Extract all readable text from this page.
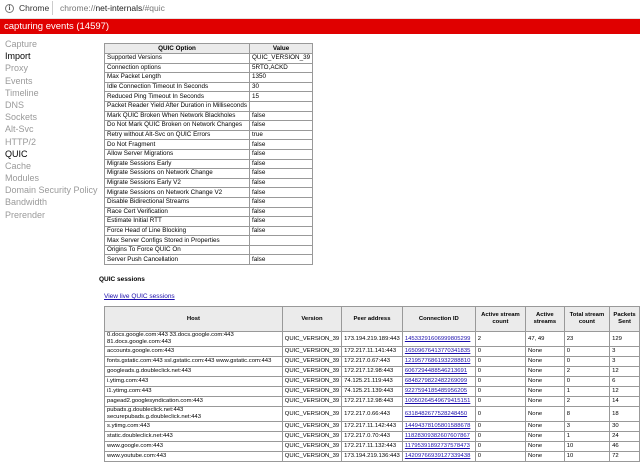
i	Chrome chrome://net-internals/#quic
capturing events (14597)
Capture
Import
Proxy
Events
Timeline
DNS
Sockets
Alt-Svc
HTTP/2
QUIC
Cache
Modules
Domain Security Policy
Bandwidth
Prerender
QUIC Option	Value
Supported Versions	QUIC_VERSION_39
Connection options	5RTO,ACKD
Max Packet Length	1350
Idle Connection Timeout In Seconds	30
Reduced Ping Timeout In Seconds	15
Packet Reader Yield After Duration in Milliseconds	
Mark QUIC Broken When Network Blackholes	false
Do Not Mark QUIC Broken on Network Changes	false
Retry without Alt-Svc on QUIC Errors	true
Do Not Fragment	false
Allow Server Migrations	false
Migrate Sessions Early	false
Migrate Sessions on Network Change	false
Migrate Sessions Early V2	false
Migrate Sessions on Network Change V2	false
Disable Bidirectional Streams	false
Race Cert Verification	false
Estimate Initial RTT	false
Force Head of Line Blocking	false
Max Server Configs Stored in Properties	
Origins To Force QUIC On	
Server Push Cancellation	false
QUIC sessions
View live QUIC sessions
Host	Version	Peer address	Connection ID	Active stream count	Active streams	Total stream count	Packets Sent

0.docs.google.com:443 33.docs.google.com:443
81.docs.google.com:443	QUIC_VERSION_39	173.194.219.189:443	14533291606999805299	2	47, 49	23	129

accounts.google.com:443	QUIC_VERSION_39	172.217.11.141:443	16509676413770341835	0	None	0	3

fonts.gstatic.com:443 ssl.gstatic.com:443 www.gstatic.com:443	QUIC_VERSION_39	172.217.0.67:443	12195776861932288810	0	None	0	3

googleads.g.doubleclick.net:443	QUIC_VERSION_39	172.217.12.98:443	6067294488546213691	0	None	2	12

i.ytimg.com:443	QUIC_VERSION_39	74.125.21.119:443	6848279822482269099	0	None	0	6

i1.ytimg.com:443	QUIC_VERSION_39	74.125.21.139:443	9227594185485956205	0	None	1	12

pagead2.googlesyndication.com:443	QUIC_VERSION_39	172.217.12.98:443	10050264549679415151	0	None	2	14

pubads.g.doubleclick.net:443
securepubads.g.doubleclick.net:443	QUIC_VERSION_39	172.217.0.66:443	6318482677528248450	0	None	8	18

s.ytimg.com:443	QUIC_VERSION_39	172.217.11.142:443	14494378105801588678	0	None	3	30

static.doubleclick.net:443	QUIC_VERSION_39	172.217.0.70:443	11828309382607607867	0	None	1	24

www.google.com:443	QUIC_VERSION_39	172.217.11.132:443	11795391892737578473	0	None	10	46

www.youtube.com:443	QUIC_VERSION_39	173.194.219.136:443	14209766939127339438	0	None	10	72
